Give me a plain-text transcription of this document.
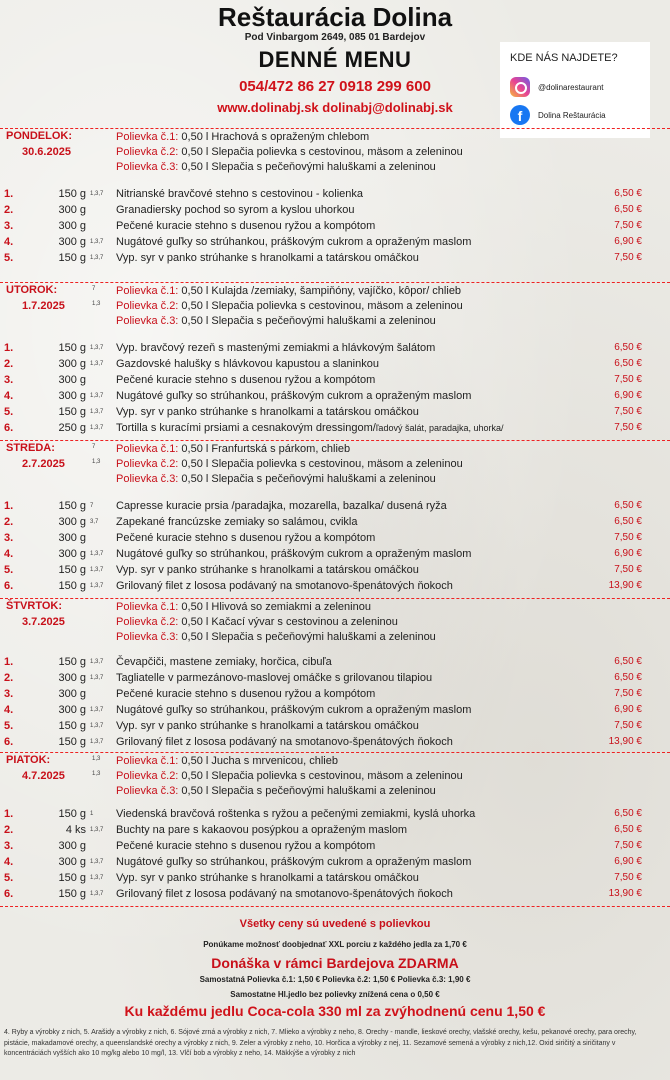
Reštaurácia Dolina
Pod Vinbargom 2649, 085 01 Bardejov
DENNÉ MENU
054/472 86 27 0918 299 600
www.dolinabj.sk dolinabj@dolinabj.sk
KDE NÁS NAJDETE?
@dolinarestaurant
f	Dolina Reštaurácia
PONDELOK:
30.6.2025
Polievka č.1: 0,50 l Hrachová s opraženým chlebom
Polievka č.2: 0,50 l Slepačia polievka s cestovinou, mäsom a zeleninou
Polievka č.3: 0,50 l Slepačia s pečeňovými haluškami a zeleninou
1.	150 g 1,3,7 Nitrianské bravčové stehno s cestovinou - kolienka	6,50 €
2.	300 g	Granadiersky pochod so syrom a kyslou uhorkou	6,50 €
3.	300 g	Pečené kuracie stehno s dusenou ryžou a kompótom	7,50 €
4.	300 g 1,3,7 Nugátové guľky so strúhankou, práškovým cukrom a opraženým maslom	6,90 €
5.	150 g 1,3,7 Vyp. syr v panko strúhanke s hranolkami a tatárskou omáčkou	7,50 €
UTOROK:
1.7.2025
7
1,3
Polievka č.1: 0,50 l Kulajda /zemiaky, šampiňóny, vajíčko, kôpor/ chlieb
Polievka č.2: 0,50 l Slepačia polievka s cestovinou, mäsom a zeleninou
Polievka č.3: 0,50 l Slepačia s pečeňovými haluškami a zeleninou
1.	150 g 1,3,7 Vyp. bravčový rezeň s mastenými zemiakmi a hlávkovým šalátom	6,50 €
2.	300 g 1,3,7 Gazdovské halušky s hlávkovou kapustou a slaninkou	6,50 €
3.	300 g	Pečené kuracie stehno s dusenou ryžou a kompótom	7,50 €
4.	300 g 1,3,7 Nugátové guľky so strúhankou, práškovým cukrom a opraženým maslom	6,90 €
5.	150 g 1,3,7 Vyp. syr v panko strúhanke s hranolkami a tatárskou omáčkou	7,50 €
6.	250 g 1,3,7 Tortilla s kuracími prsiami a cesnakovým dressingom/ľadový šalát, paradajka, uhorka/	7,50 €
STREDA:
2.7.2025
7
1,3
Polievka č.1: 0,50 l Franfurtská s párkom, chlieb
Polievka č.2: 0,50 l Slepačia polievka s cestovinou, mäsom a zeleninou
Polievka č.3: 0,50 l Slepačia s pečeňovými haluškami a zeleninou
1.	150 g 7 Capresse kuracie prsia /paradajka, mozarella, bazalka/ dusená ryža	6,50 €
2.	300 g 3,7 Zapekané francúzske zemiaky so salámou, cvikla	6,50 €
3.	300 g	Pečené kuracie stehno s dusenou ryžou a kompótom	7,50 €
4.	300 g 1,3,7 Nugátové guľky so strúhankou, práškovým cukrom a opraženým maslom	6,90 €
5.	150 g 1,3,7 Vyp. syr v panko strúhanke s hranolkami a tatárskou omáčkou	7,50 €
6.	150 g 1,3,7 Grilovaný filet z lososa podávaný na smotanovo-špenátových ňokoch	13,90 €
ŠTVRTOK:
3.7.2025
Polievka č.1: 0,50 l Hlivová so zemiakmi a zeleninou
Polievka č.2: 0,50 l Kačací vývar s cestovinou a zeleninou
Polievka č.3: 0,50 l Slepačia s pečeňovými haluškami a zeleninou
1.	150 g 1,3,7 Čevapčiči, mastene zemiaky, horčica, cibuľa	6,50 €
2.	300 g 1,3,7 Tagliatelle v parmezánovo-maslovej omáčke s grilovanou tilapiou	6,50 €
3.	300 g	Pečené kuracie stehno s dusenou ryžou a kompótom	7,50 €
4.	300 g 1,3,7 Nugátové guľky so strúhankou, práškovým cukrom a opraženým maslom	6,90 €
5.	150 g 1,3,7 Vyp. syr v panko strúhanke s hranolkami a tatárskou omáčkou	7,50 €
6.	150 g 1,3,7 Grilovaný filet z lososa podávaný na smotanovo-špenátových ňokoch	13,90 €
PIATOK:
4.7.2025
1,3
1,3
Polievka č.1: 0,50 l Jucha s mrvenicou, chlieb
Polievka č.2: 0,50 l Slepačia polievka s cestovinou, mäsom a zeleninou
Polievka č.3: 0,50 l Slepačia s pečeňovými haluškami a zeleninou
1.	150 g 1 Viedenská bravčová roštenka s ryžou a pečenými zemiakmi, kyslá uhorka	6,50 €
2.	4 ks 1,3,7 Buchty na pare s kakaovou posýpkou a opraženým maslom	6,50 €
3.	300 g	Pečené kuracie stehno s dusenou ryžou a kompótom	7,50 €
4.	300 g 1,3,7 Nugátové guľky so strúhankou, práškovým cukrom a opraženým maslom	6,90 €
5.	150 g 1,3,7 Vyp. syr v panko strúhanke s hranolkami a tatárskou omáčkou	7,50 €
6.	150 g 1,3,7 Grilovaný filet z lososa podávaný na smotanovo-špenátových ňokoch	13,90 €
Všetky ceny sú uvedené s polievkou
Ponúkame možnosť doobjednať XXL porciu z každého jedla za 1,70 €
Donáška v rámci Bardejova ZDARMA
Samostatná Polievka č.1: 1,50 € Polievka č.2: 1,50 € Polievka č.3: 1,90 €
Samostatne Hl.jedlo bez polievky znížená cena o 0,50 €
Ku každému jedlu Coca-cola 330 ml za zvýhodnenú cenu 1,50 €
4. Ryby a výrobky z nich, 5. Arašidy a výrobky z nich, 6. Sójové zrná a výrobky z nich, 7. Mlieko a výrobky z neho, 8. Orechy - mandle, lieskové orechy, vlašské orechy, kešu, pekanové orechy, para orechy, pistácie, makadamové orechy, a queenslandské orechy a výrobky z nich, 9. Zeler a výrobky z neho, 10. Horčica a výrobky z nej, 11. Sezamové semená a výrobky z nich,12. Oxid siričitý a siričitany v koncentráciách vyšších ako 10 mg/kg alebo 10 mg/l, 13. Vlčí bob a výrobky z neho, 14. Mäkkýše a výrobky z nich
